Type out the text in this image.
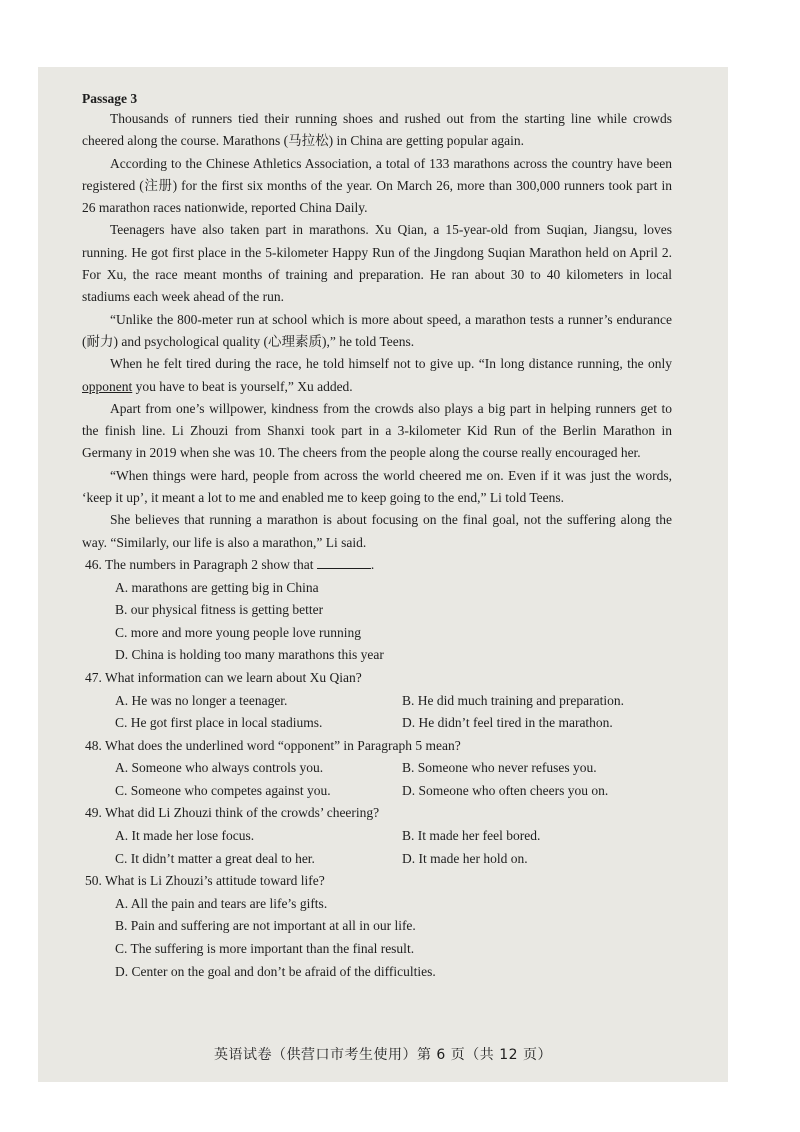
Passage 3

Thousands of runners tied their running shoes and rushed out from the starting line while crowds cheered along the course. Marathons (马拉松) in China are getting popular again.

According to the Chinese Athletics Association, a total of 133 marathons across the country have been registered (注册) for the first six months of the year. On March 26, more than 300,000 runners took part in 26 marathon races nationwide, reported China Daily.

Teenagers have also taken part in marathons. Xu Qian, a 15-year-old from Suqian, Jiangsu, loves running. He got first place in the 5-kilometer Happy Run of the Jingdong Suqian Marathon held on April 2. For Xu, the race meant months of training and preparation. He ran about 30 to 40 kilometers in local stadiums each week ahead of the run.

“Unlike the 800-meter run at school which is more about speed, a marathon tests a runner’s endurance (耐力) and psychological quality (心理素质),” he told Teens.

When he felt tired during the race, he told himself not to give up. “In long distance running, the only opponent you have to beat is yourself,” Xu added.

Apart from one’s willpower, kindness from the crowds also plays a big part in helping runners get to the finish line. Li Zhouzi from Shanxi took part in a 3-kilometer Kid Run of the Berlin Marathon in Germany in 2019 when she was 10. The cheers from the people along the course really encouraged her.

“When things were hard, people from across the world cheered me on. Even if it was just the words, ‘keep it up’, it meant a lot to me and enabled me to keep going to the end,” Li told Teens.

She believes that running a marathon is about focusing on the final goal, not the suffering along the way. “Similarly, our life is also a marathon,” Li said.

46. The numbers in Paragraph 2 show that	.
A. marathons are getting big in China
B. our physical fitness is getting better
C. more and more young people love running
D. China is holding too many marathons this year
47. What information can we learn about Xu Qian?
A. He was no longer a teenager.	B. He did much training and preparation.
C. He got first place in local stadiums.	D. He didn’t feel tired in the marathon.
48. What does the underlined word “opponent” in Paragraph 5 mean?
A. Someone who always controls you.	B. Someone who never refuses you.
C. Someone who competes against you.	D. Someone who often cheers you on.
49. What did Li Zhouzi think of the crowds’ cheering?
A. It made her lose focus.	B. It made her feel bored.
C. It didn’t matter a great deal to her.	D. It made her hold on.
50. What is Li Zhouzi’s attitude toward life?
A. All the pain and tears are life’s gifts.
B. Pain and suffering are not important at all in our life.
C. The suffering is more important than the final result.
D. Center on the goal and don’t be afraid of the difficulties.
英语试卷（供营口市考生使用）第 6 页（共 12 页）
